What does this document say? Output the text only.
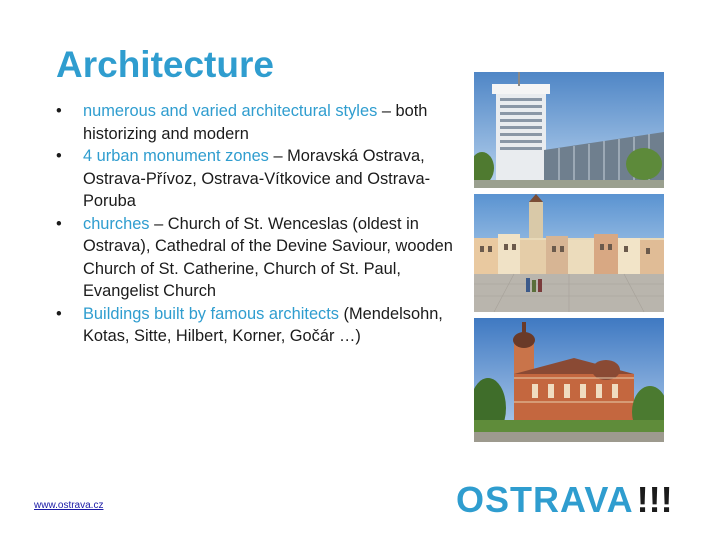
Architecture
•	numerous and varied architectural styles – both historizing and modern
•	4 urban monument zones – Moravská Ostrava, Ostrava-Přívoz, Ostrava-Vítkovice and Ostrava-Poruba
•	churches – Church of St. Wenceslas (oldest in Ostrava), Cathedral of the Devine Saviour, wooden Church of St. Catherine, Church of St. Paul, Evangelist Church
•	Buildings built by famous architects (Mendelsohn, Kotas, Sitte, Hilbert, Korner, Gočár …)
www.ostrava.cz	OSTRAVA !!!
